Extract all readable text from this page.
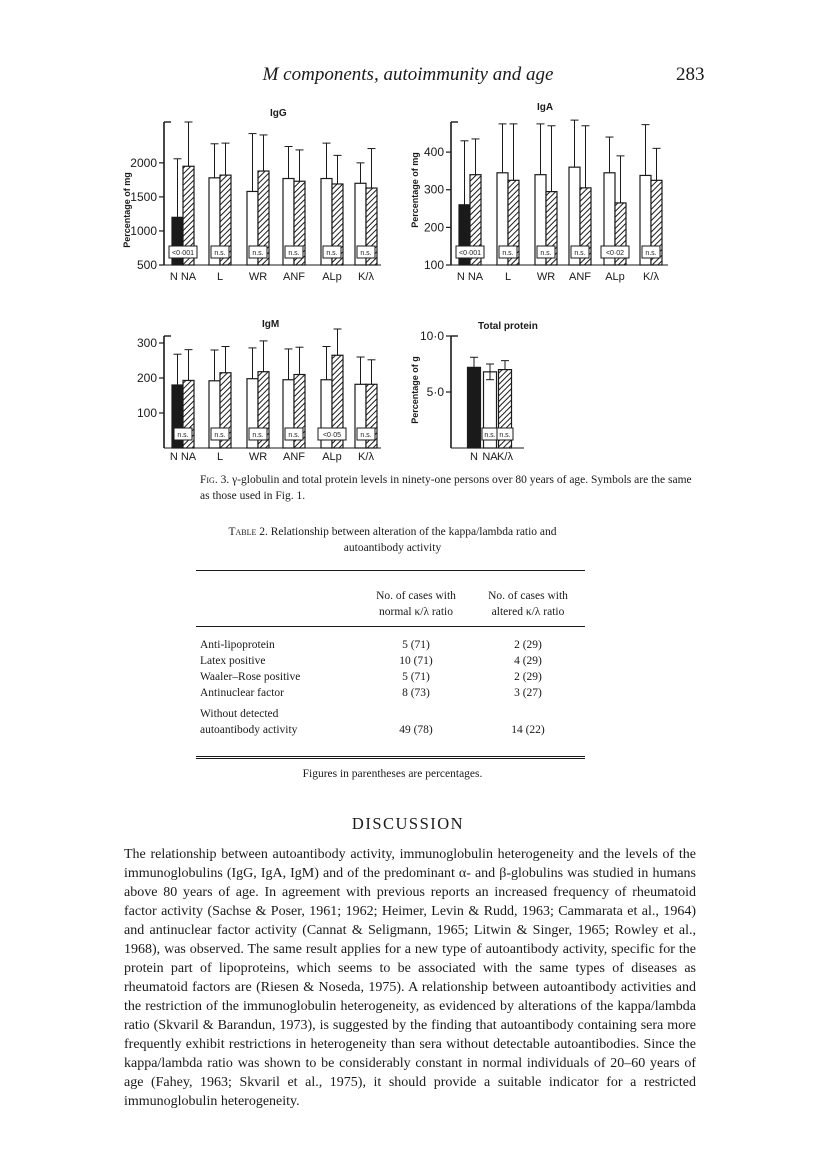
M components, autoimmunity and age	283
500
1000
1500
2000
IgG
Percentage of mg
<0·001
N NA
n.s.
L
n.s.
WR
n.s.
ANF
n.s.
ALp
n.s.
K/λ
100
200
300
400
IgA
Percentage of mg
<0·001
N NA
n.s.
L
n.s.
WR
n.s.
ANF
<0·02
ALp
n.s.
K/λ
100
200
300
IgM
n.s.
N NA
n.s.
L
n.s.
WR
n.s.
ANF
<0·05
ALp
n.s.
K/λ
5·0
10·0
Total protein
Percentage of g
N NA K/λ
n.s. n.s.
Fig. 3. γ-globulin and total protein levels in ninety-one persons over 80 years of age. Symbols are the same as those used in Fig. 1.
Table 2. Relationship between alteration of the kappa/lambda ratio and autoantibody activity
No. of cases with normal κ/λ ratio
No. of cases with altered κ/λ ratio
Anti-lipoprotein	5 (71)	2 (29)
Latex positive	10 (71)	4 (29)
Waaler–Rose positive	5 (71)	2 (29)
Antinuclear factor	8 (73)	3 (27)
Without detected
autoantibody activity	49 (78)	14 (22)
Figures in parentheses are percentages.
DISCUSSION

The relationship between autoantibody activity, immunoglobulin heterogeneity and the levels of the immunoglobulins (IgG, IgA, IgM) and of the predominant α- and β-globulins was studied in humans above 80 years of age. In agreement with previous reports an increased frequency of rheumatoid factor activity (Sachse & Poser, 1961; 1962; Heimer, Levin & Rudd, 1963; Cammarata et al., 1964) and antinuclear factor activity (Cannat & Seligmann, 1965; Litwin & Singer, 1965; Rowley et al., 1968), was observed. The same result applies for a new type of autoantibody activity, specific for the protein part of lipoproteins, which seems to be associated with the same types of diseases as rheumatoid factors are (Riesen & Noseda, 1975). A relationship between autoantibody activities and the restriction of the immunoglobulin heterogeneity, as evidenced by alterations of the kappa/lambda ratio (Skvaril & Barandun, 1973), is suggested by the finding that autoantibody containing sera more frequently exhibit restrictions in heterogeneity than sera without detectable autoantibodies. Since the kappa/lambda ratio was shown to be considerably constant in normal individuals of 20–60 years of age (Fahey, 1963; Skvaril et al., 1975), it should provide a suitable indicator for a restricted immunoglobulin heterogeneity.
